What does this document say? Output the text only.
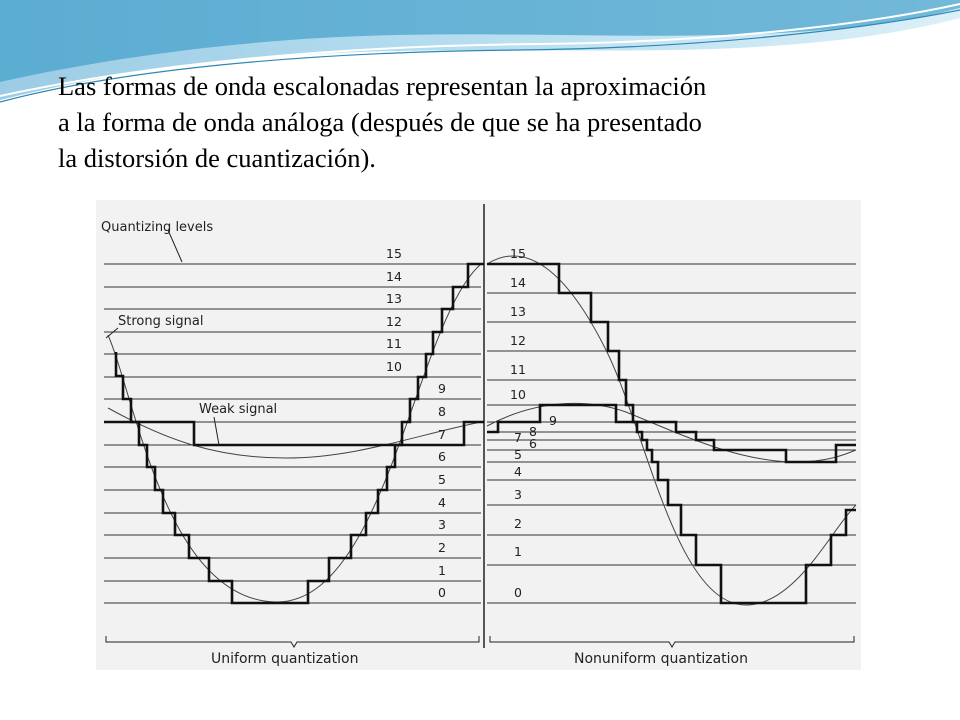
Las formas de onda escalonadas representan la aproximación
a la forma de onda análoga (después de que se ha presentado
la distorsión de cuantización).

Quantizing levels
Strong signal
Weak signal
15
14
13
12
11
10
9
8
7
6
5
4
3
2
1
0
15
14
13
12
11
10
9
8
7 6
5
4
3
2
1
0
Uniform quantization	Nonuniform quantization
